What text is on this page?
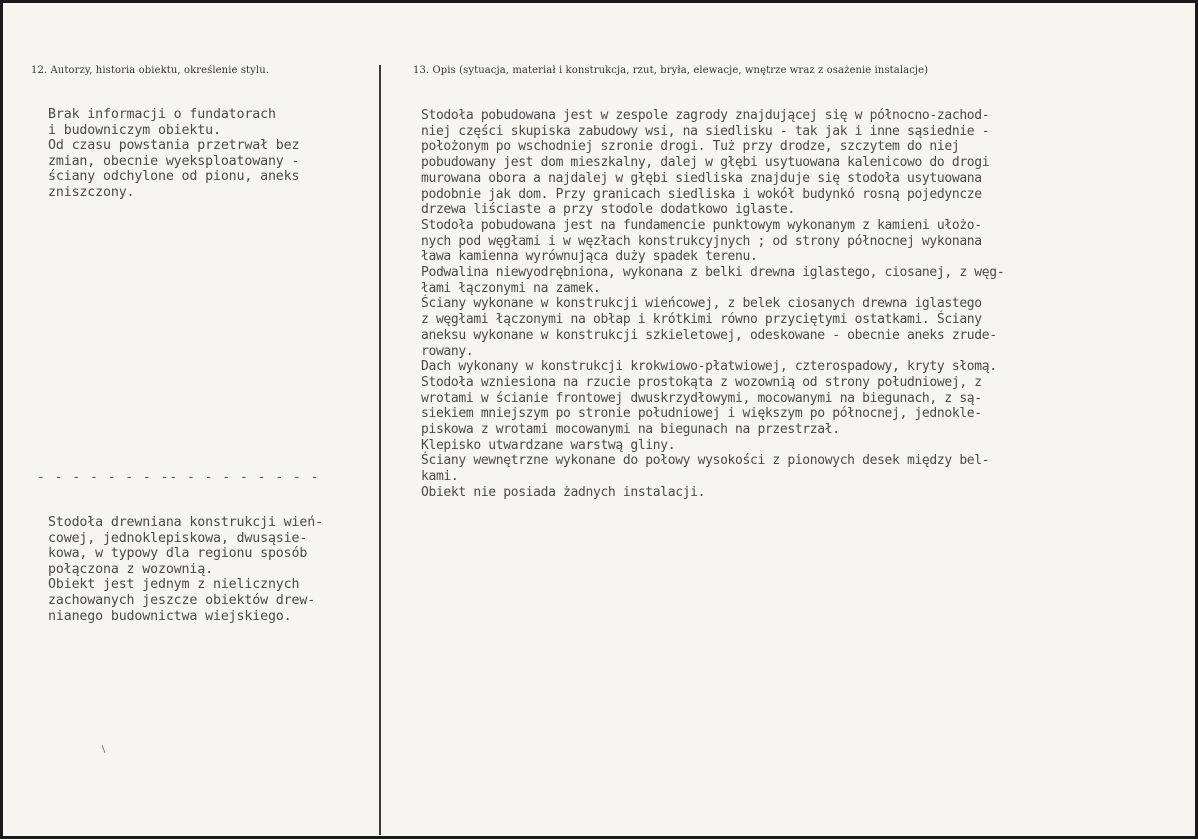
12. Autorzy, historia obiektu, określenie stylu.	13. Opis (sytuacja, materiał i konstrukcja, rzut, bryła, elewacje, wnętrze wraz z osażenie instalacje)
Brak informacji o fundatorach
i budowniczym obiektu.
Od czasu powstania przetrwał bez
zmian, obecnie wyeksploatowany -
ściany odchylone od pionu, aneks
zniszczony.
- - - - - - - -- - - - - - - - -
Stodoła drewniana konstrukcji wień-
cowej, jednoklepiskowa, dwusąsie-
kowa, w typowy dla regionu sposób
połączona z wozownią.
Obiekt jest jednym z nielicznych
zachowanych jeszcze obiektów drew-
nianego budownictwa wiejskiego.
Stodoła pobudowana jest w zespole zagrody znajdującej się w północno-zachod-
niej części skupiska zabudowy wsi, na siedlisku - tak jak i inne sąsiednie -
położonym po wschodniej szronie drogi. Tuż przy drodze, szczytem do niej
pobudowany jest dom mieszkalny, dalej w głębi usytuowana kalenicowo do drogi
murowana obora a najdalej w głębi siedliska znajduje się stodoła usytuowana
podobnie jak dom. Przy granicach siedliska i wokół budynkó rosną pojedyncze
drzewa liściaste a przy stodole dodatkowo iglaste.
Stodoła pobudowana jest na fundamencie punktowym wykonanym z kamieni ułożo-
nych pod węgłami i w węzłach konstrukcyjnych ; od strony północnej wykonana
ława kamienna wyrównująca duży spadek terenu.
Podwalina niewyodrębniona, wykonana z belki drewna iglastego, ciosanej, z węg-
łami łączonymi na zamek.
Ściany wykonane w konstrukcji wieńcowej, z belek ciosanych drewna iglastego
z węgłami łączonymi na obłap i krótkimi równo przyciętymi ostatkami. Ściany
aneksu wykonane w konstrukcji szkieletowej, odeskowane - obecnie aneks zrude-
rowany.
Dach wykonany w konstrukcji krokwiowo-płatwiowej, czterospadowy, kryty słomą.
Stodoła wzniesiona na rzucie prostokąta z wozownią od strony południowej, z
wrotami w ścianie frontowej dwuskrzydłowymi, mocowanymi na biegunach, z są-
siekiem mniejszym po stronie południowej i większym po północnej, jednokle-
piskowa z wrotami mocowanymi na biegunach na przestrzał.
Klepisko utwardzane warstwą gliny.
Ściany wewnętrzne wykonane do połowy wysokości z pionowych desek między bel-
kami.
Obiekt nie posiada żadnych instalacji.
